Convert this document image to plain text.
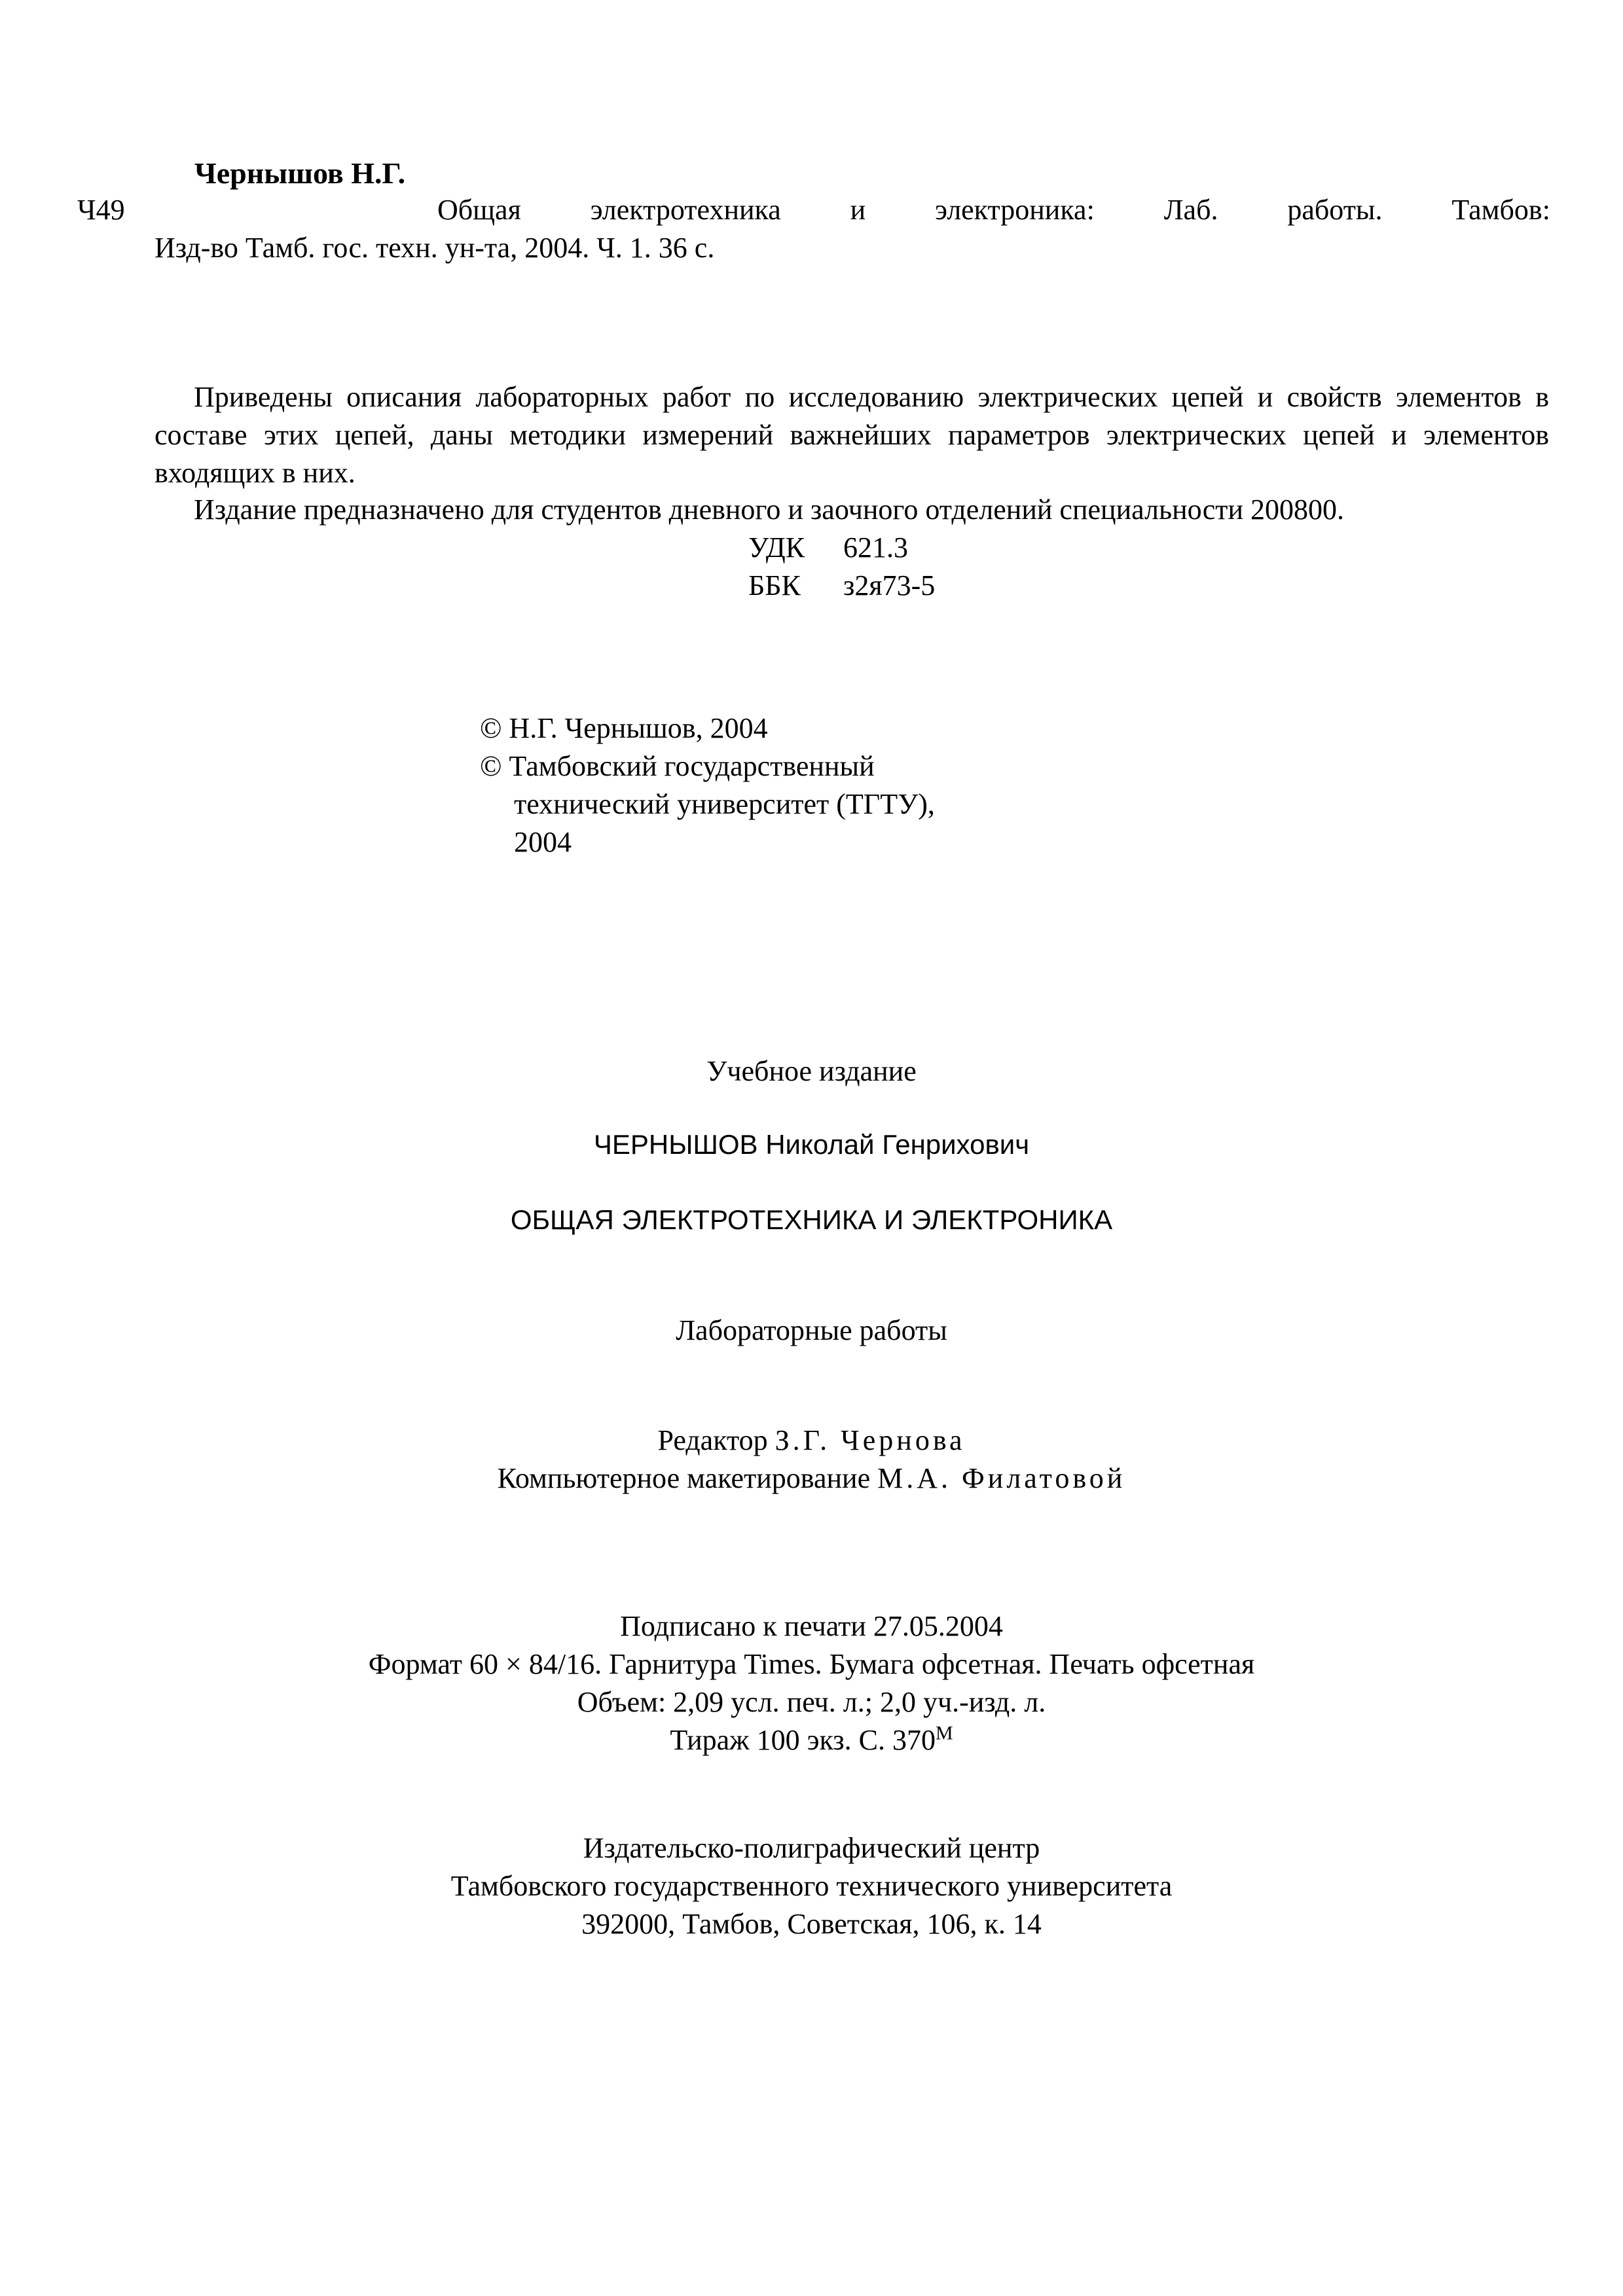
Чернышов Н.Г.
Ч49	Общая электротехника и электроника: Лаб. работы. Тамбов:
Изд-во Тамб. гос. техн. ун-та, 2004. Ч. 1. 36 с.
Приведены описания лабораторных работ по исследованию электрических цепей и свойств элементов в составе этих цепей, даны методики измерений важнейших параметров электрических цепей и элементов входящих в них.
Издание предназначено для студентов дневного и заочного отделений специальности 200800.
УДК 621.3
ББК з2я73-5
© Н.Г. Чернышов, 2004
© Тамбовский государственный
технический университет (ТГТУ),
2004
Учебное издание
ЧЕРНЫШОВ Николай Генрихович
ОБЩАЯ ЭЛЕКТРОТЕХНИКА И ЭЛЕКТРОНИКА
Лабораторные работы
Редактор З.Г. Чернова
Компьютерное макетирование М.А. Филатовой
Подписано к печати 27.05.2004
Формат 60 × 84/16. Гарнитура Times. Бумага офсетная. Печать офсетная
Объем: 2,09 усл. печ. л.; 2,0 уч.-изд. л.
Тираж 100 экз. С. $370^М$
Издательско-полиграфический центр
Тамбовского государственного технического университета
392000, Тамбов, Советская, 106, к. 14
